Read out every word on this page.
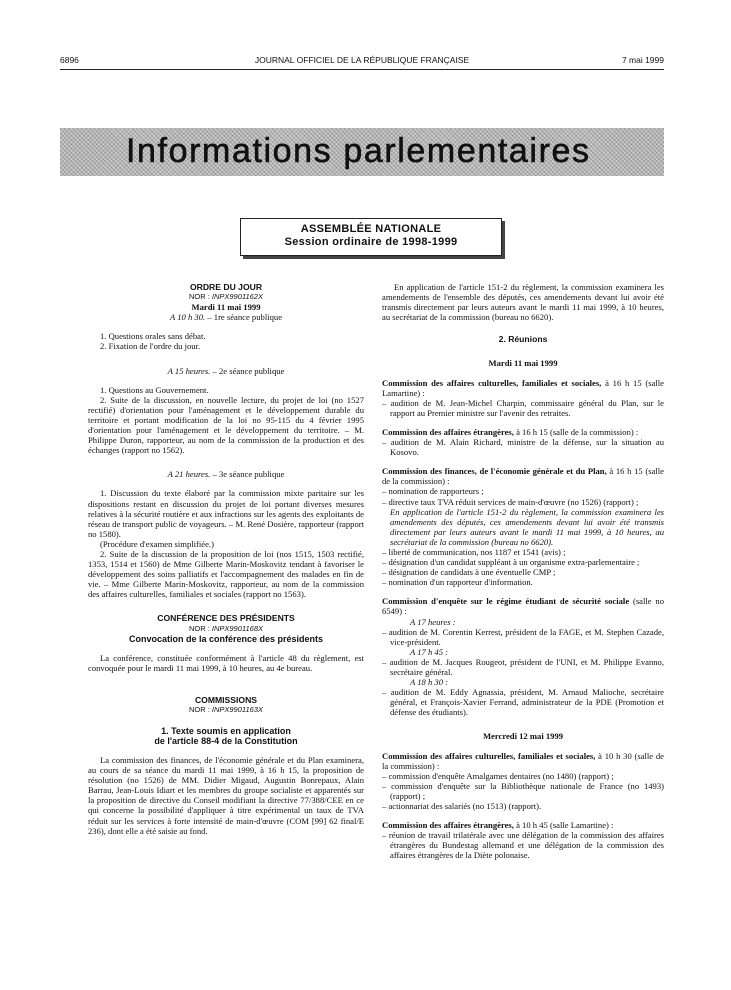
6896	JOURNAL OFFICIEL DE LA RÉPUBLIQUE FRANÇAISE	7 mai 1999
Informations parlementaires
ASSEMBLÉE NATIONALE
Session ordinaire de 1998-1999

ORDRE DU JOUR

NOR : INPX9901162X

Mardi 11 mai 1999

A 10 h 30. – 1re séance publique

1. Questions orales sans débat.

2. Fixation de l'ordre du jour.

A 15 heures. – 2e séance publique

1. Questions au Gouvernement.

2. Suite de la discussion, en nouvelle lecture, du projet de loi (no 1527 rectifié) d'orientation pour l'aménagement et le développement durable du territoire et portant modification de la loi no 95-115 du 4 février 1995 d'orientation pour l'aménagement et le développement du territoire. – M. Philippe Duron, rapporteur, au nom de la commission de la production et des échanges (rapport no 1562).

A 21 heures. – 3e séance publique

1. Discussion du texte élaboré par la commission mixte paritaire sur les dispositions restant en discussion du projet de loi portant diverses mesures relatives à la sécurité routière et aux infractions sur les agents des exploitants de réseau de transport public de voyageurs. – M. René Dosière, rapporteur (rapport no 1580).

(Procédure d'examen simplifiée.)

2. Suite de la discussion de la proposition de loi (nos 1515, 1503 rectifié, 1353, 1514 et 1560) de Mme Gilberte Marin-Moskovitz tendant à favoriser le développement des soins palliatifs et l'accompagnement des malades en fin de vie. – Mme Gilberte Marin-Moskovitz, rapporteur, au nom de la commission des affaires culturelles, familiales et sociales (rapport no 1563).

CONFÉRENCE DES PRÉSIDENTS

NOR : INPX9901168X

Convocation de la conférence des présidents

La conférence, constituée conformément à l'article 48 du règlement, est convoquée pour le mardi 11 mai 1999, à 10 heures, au 4e bureau.

COMMISSIONS

NOR : INPX9901163X

1. Texte soumis en application

de l'article 88-4 de la Constitution

La commission des finances, de l'économie générale et du Plan examinera, au cours de sa séance du mardi 11 mai 1999, à 16 h 15, la proposition de résolution (no 1526) de MM. Didier Migaud, Augustin Bonrepaux, Alain Barrau, Jean-Louis Idiart et les membres du groupe socialiste et apparentés sur la proposition de directive du Conseil modifiant la directive 77/388/CEE en ce qui concerne la possibilité d'appliquer à titre expérimental un taux de TVA réduit sur les services à forte intensité de main-d'œuvre (COM [99] 62 final/E 236), dont elle a été saisie au fond.

En application de l'article 151-2 du règlement, la commission examinera les amendements de l'ensemble des députés, ces amendements devant lui avoir été transmis directement par leurs auteurs avant le mardi 11 mai 1999, à 10 heures, au secrétariat de la commission (bureau no 6620).

2. Réunions

Mardi 11 mai 1999

Commission des affaires culturelles, familiales et sociales, à 16 h 15 (salle Lamartine) :

– audition de M. Jean-Michel Charpin, commissaire général du Plan, sur le rapport au Premier ministre sur l'avenir des retraites.

Commission des affaires étrangères, à 16 h 15 (salle de la commission) :

– audition de M. Alain Richard, ministre de la défense, sur la situation au Kosovo.

Commission des finances, de l'économie générale et du Plan, à 16 h 15 (salle de la commission) :

– nomination de rapporteurs ;

– directive taux TVA réduit services de main-d'œuvre (no 1526) (rapport) ;

En application de l'article 151-2 du règlement, la commission examinera les amendements des députés, ces amendements devant lui avoir été transmis directement par leurs auteurs avant le mardi 11 mai 1999, à 10 heures, au secrétariat de la commission (bureau no 6620).

– liberté de communication, nos 1187 et 1541 (avis) ;

– désignation d'un candidat suppléant à un organisme extra-parlementaire ;

– désignation de candidats à une éventuelle CMP ;

– nomination d'un rapporteur d'information.

Commission d'enquête sur le régime étudiant de sécurité sociale (salle no 6549) :

A 17 heures :

– audition de M. Corentin Kerrest, président de la FAGE, et M. Stephen Cazade, vice-président.

A 17 h 45 :

– audition de M. Jacques Rougeot, président de l'UNI, et M. Philippe Evanno, secrétaire général.

A 18 h 30 :

– audition de M. Eddy Agnassia, président, M. Arnaud Malioche, secrétaire général, et François-Xavier Ferrand, administrateur de la PDE (Promotion et défense des étudiants).

Mercredi 12 mai 1999

Commission des affaires culturelles, familiales et sociales, à 10 h 30 (salle de la commission) :

– commission d'enquête Amalgames dentaires (no 1480) (rapport) ;

– commission d'enquête sur la Bibliothèque nationale de France (no 1493) (rapport) ;

– actionnariat des salariés (no 1513) (rapport).

Commission des affaires étrangères, à 10 h 45 (salle Lamartine) :

– réunion de travail trilatérale avec une délégation de la commission des affaires étrangères du Bundestag allemand et une délégation de la commission des affaires étrangères de la Diète polonaise.
